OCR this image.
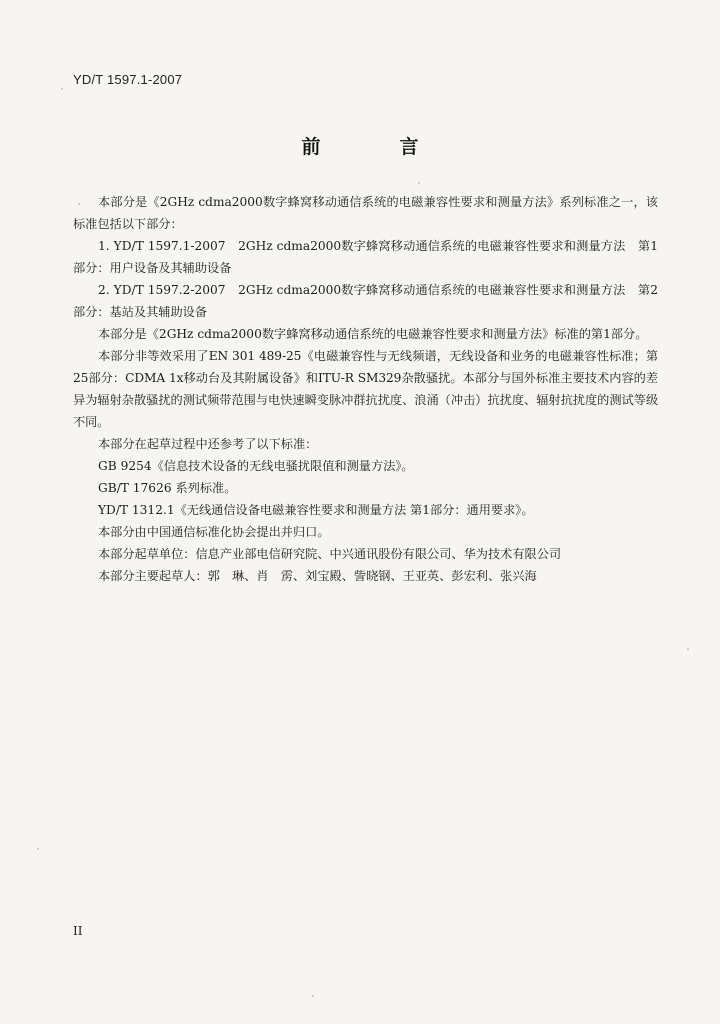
YD/T 1597.1-2007
前　言

本部分是《2GHz cdma2000数字蜂窝移动通信系统的电磁兼容性要求和测量方法》系列标准之一，该标准包括以下部分：

1. YD/T 1597.1-2007　2GHz cdma2000数字蜂窝移动通信系统的电磁兼容性要求和测量方法　第1部分：用户设备及其辅助设备

2. YD/T 1597.2-2007　2GHz cdma2000数字蜂窝移动通信系统的电磁兼容性要求和测量方法　第2部分：基站及其辅助设备

本部分是《2GHz cdma2000数字蜂窝移动通信系统的电磁兼容性要求和测量方法》标准的第1部分。

本部分非等效采用了EN 301 489-25《电磁兼容性与无线频谱，无线设备和业务的电磁兼容性标准；第25部分：CDMA 1x移动台及其附属设备》和ITU-R SM329杂散骚扰。本部分与国外标准主要技术内容的差异为辐射杂散骚扰的测试频带范围与电快速瞬变脉冲群抗扰度、浪涌（冲击）抗扰度、辐射抗扰度的测试等级不同。

本部分在起草过程中还参考了以下标准：

GB 9254《信息技术设备的无线电骚扰限值和测量方法》。

GB/T 17626 系列标准。

YD/T 1312.1《无线通信设备电磁兼容性要求和测量方法 第1部分：通用要求》。

本部分由中国通信标准化协会提出并归口。

本部分起草单位：信息产业部电信研究院、中兴通讯股份有限公司、华为技术有限公司

本部分主要起草人：郭　琳、肖　雳、刘宝殿、訾晓钢、王亚英、彭宏利、张兴海

II
